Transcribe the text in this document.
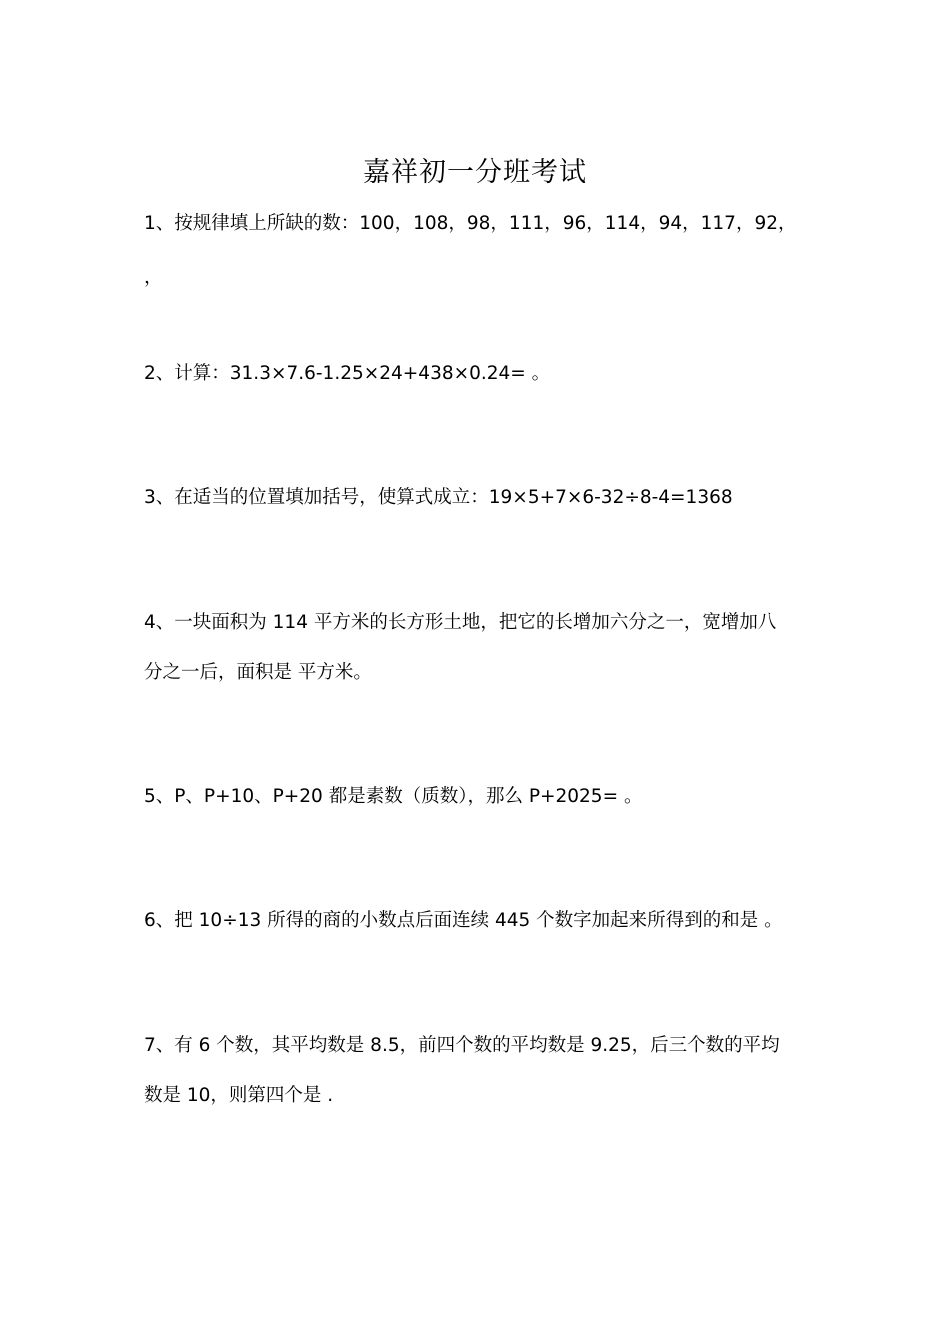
嘉祥初一分班考试
1、按规律填上所缺的数：100，108，98，111，96，114，94，117，92，
，
2、计算：31.3×7.6-1.25×24+438×0.24= 。
3、在适当的位置填加括号，使算式成立：19×5+7×6-32÷8-4=1368
4、一块面积为 114 平方米的长方形土地，把它的长增加六分之一，宽增加八
分之一后，面积是 平方米。
5、P、P+10、P+20 都是素数（质数），那么 P+2025= 。
6、把 10÷13 所得的商的小数点后面连续 445 个数字加起来所得到的和是 。
7、有 6 个数，其平均数是 8.5，前四个数的平均数是 9.25，后三个数的平均
数是 10，则第四个是 .
